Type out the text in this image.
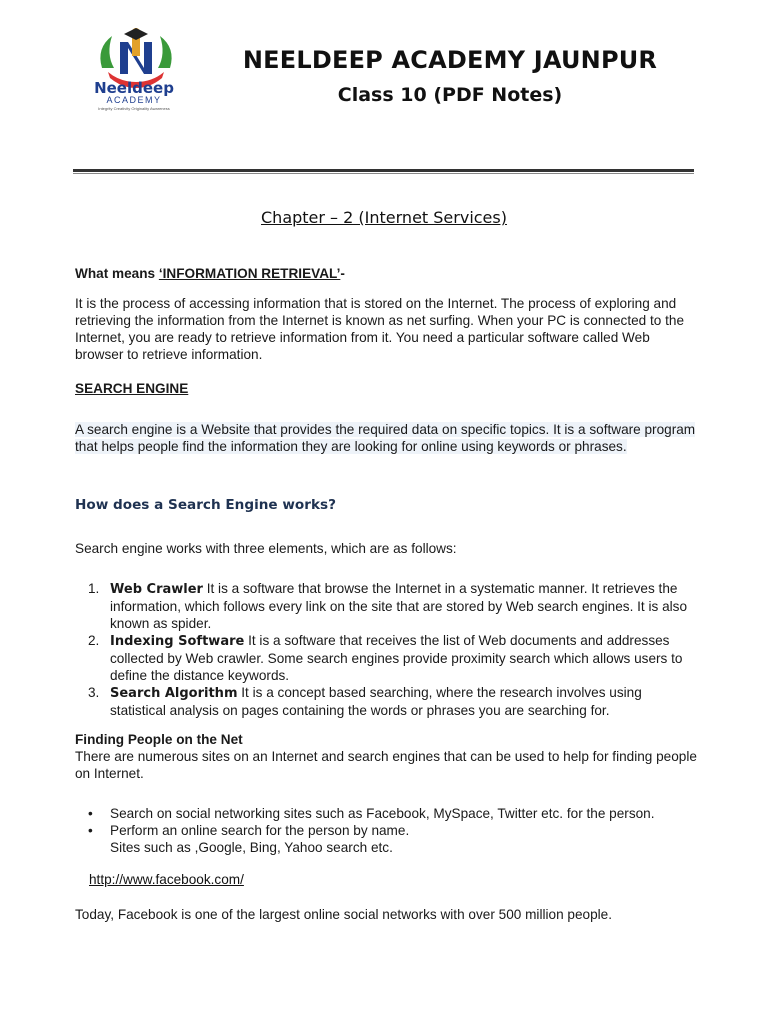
Neeldeep
ACADEMY
Integrity Creativity Originality Awareness
NEELDEEP ACADEMY JAUNPUR
Class 10 (PDF Notes)
Chapter – 2 (Internet Services)
What means ‘INFORMATION RETRIEVAL’-
It is the process of accessing information that is stored on the Internet. The process of exploring and retrieving the information from the Internet is known as net surfing. When your PC is connected to the Internet, you are ready to retrieve information from it. You need a particular software called Web browser to retrieve information.
SEARCH ENGINE
A search engine is a Website that provides the required data on specific topics. It is a software program that helps people find the information they are looking for online using keywords or phrases.
How does a Search Engine works?
Search engine works with three elements, which are as follows:
1. Web Crawler It is a software that browse the Internet in a systematic manner. It retrieves the information, which follows every link on the site that are stored by Web search engines. It is also known as spider.
2. Indexing Software It is a software that receives the list of Web documents and addresses collected by Web crawler. Some search engines provide proximity search which allows users to define the distance keywords.
3. Search Algorithm It is a concept based searching, where the research involves using statistical analysis on pages containing the words or phrases you are searching for.
Finding People on the Net
There are numerous sites on an Internet and search engines that can be used to help for finding people on Internet.
• Search on social networking sites such as Facebook, MySpace, Twitter etc. for the person.
• Perform an online search for the person by name.
Sites such as ,Google, Bing, Yahoo search etc.
http://www.facebook.com/
Today, Facebook is one of the largest online social networks with over 500 million people.
